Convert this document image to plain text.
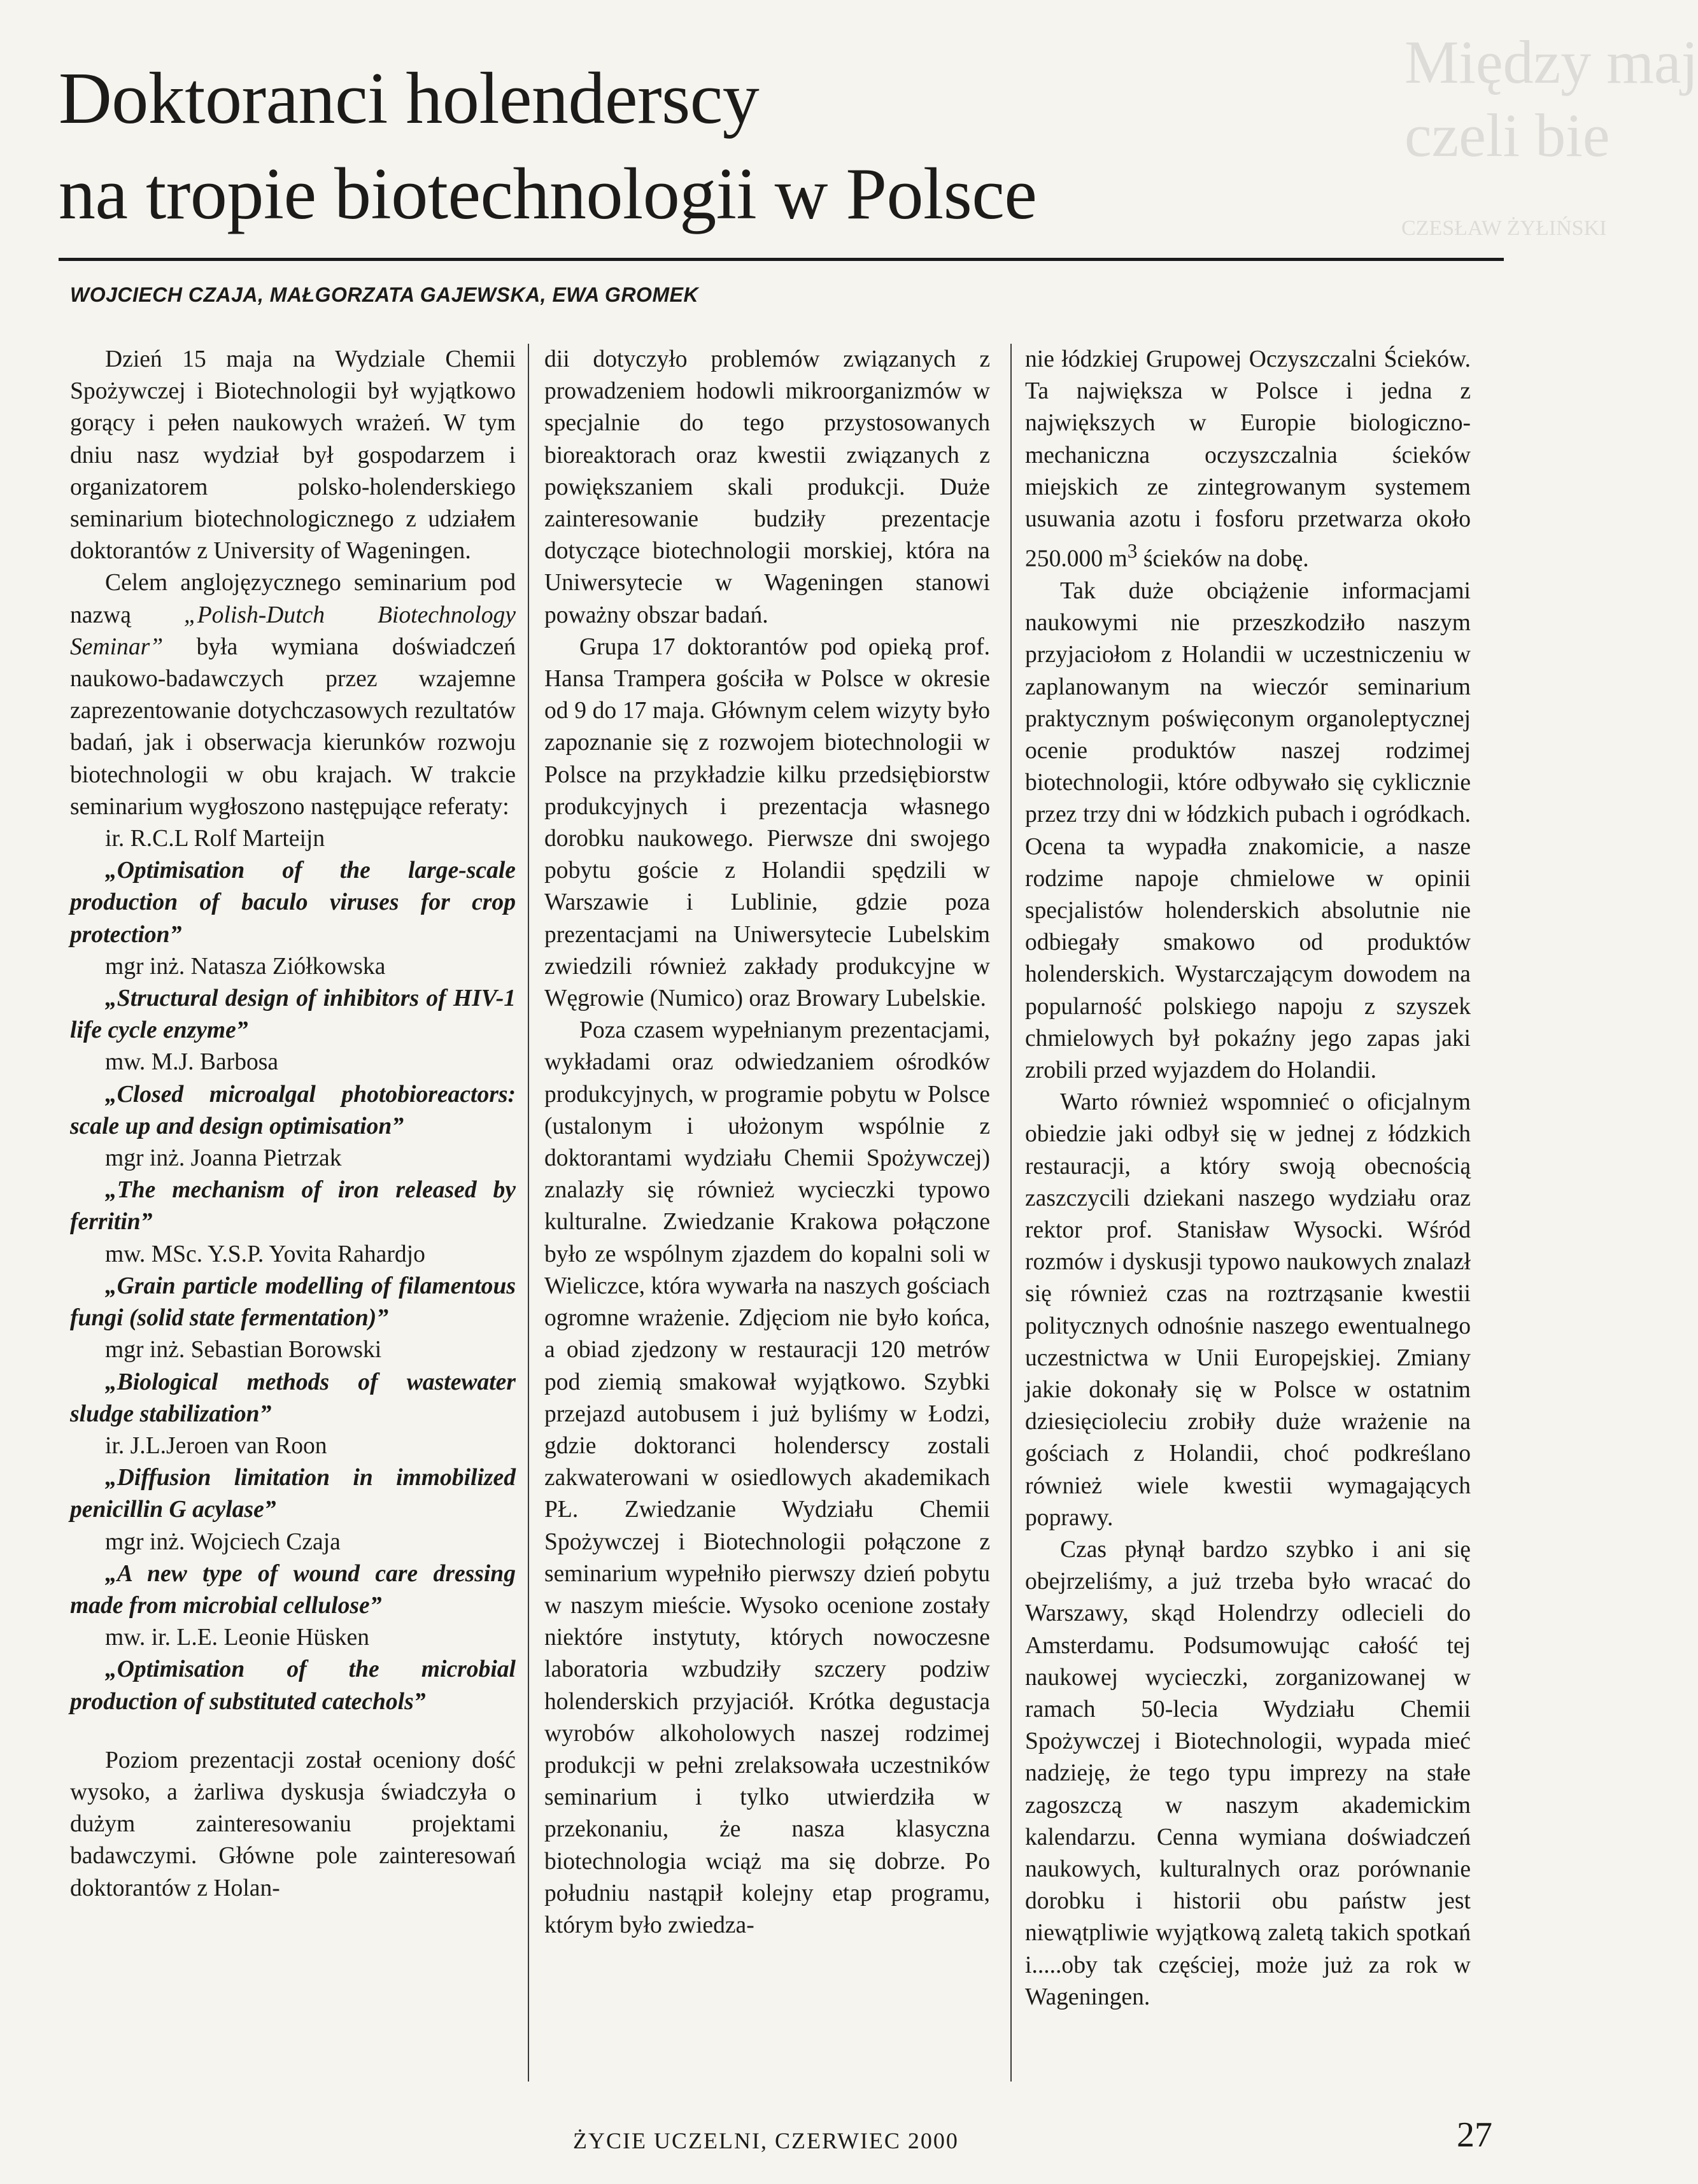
Między maj
czeli bie
CZESŁAW ŻYŁIŃSKI
Doktoranci holenderscy
na tropie biotechnologii w Polsce
WOJCIECH CZAJA, MAŁGORZATA GAJEWSKA, EWA GROMEK

Dzień 15 maja na Wydziale Chemii Spożywczej i Biotechnologii był wyjątkowo gorący i pełen naukowych wrażeń. W tym dniu nasz wydział był gospodarzem i organizatorem polsko-holenderskiego seminarium biotechnologicznego z udziałem doktorantów z University of Wageningen.

Celem anglojęzycznego seminarium pod nazwą „Polish-Dutch Biotechnology Seminar” była wymiana doświadczeń naukowo-badawczych przez wzajemne zaprezentowanie dotychczasowych rezultatów badań, jak i obserwacja kierunków rozwoju biotechnologii w obu krajach. W trakcie seminarium wygłoszono następujące referaty:

ir. R.C.L Rolf Marteijn

„Optimisation of the large-scale production of baculo viruses for crop protection”

mgr inż. Natasza Ziółkowska

„Structural design of inhibitors of HIV-1 life cycle enzyme”

mw. M.J. Barbosa

„Closed microalgal photobioreactors: scale up and design optimisation”

mgr inż. Joanna Pietrzak

„The mechanism of iron released by ferritin”

mw. MSc. Y.S.P. Yovita Rahardjo

„Grain particle modelling of filamentous fungi (solid state fermentation)”

mgr inż. Sebastian Borowski

„Biological methods of wastewater sludge stabilization”

ir. J.L.Jeroen van Roon

„Diffusion limitation in immobilized penicillin G acylase”

mgr inż. Wojciech Czaja

„A new type of wound care dressing made from microbial cellulose”

mw. ir. L.E. Leonie Hüsken

„Optimisation of the microbial production of substituted catechols”

Poziom prezentacji został oceniony dość wysoko, a żarliwa dyskusja świadczyła o dużym zainteresowaniu projektami badawczymi. Główne pole zainteresowań doktorantów z Holan-

dii dotyczyło problemów związanych z prowadzeniem hodowli mikroorganizmów w specjalnie do tego przystosowanych bioreaktorach oraz kwestii związanych z powiększaniem skali produkcji. Duże zainteresowanie budziły prezentacje dotyczące biotechnologii morskiej, która na Uniwersytecie w Wageningen stanowi poważny obszar badań.

Grupa 17 doktorantów pod opieką prof. Hansa Trampera gościła w Polsce w okresie od 9 do 17 maja. Głównym celem wizyty było zapoznanie się z rozwojem biotechnologii w Polsce na przykładzie kilku przedsiębiorstw produkcyjnych i prezentacja własnego dorobku naukowego. Pierwsze dni swojego pobytu goście z Holandii spędzili w Warszawie i Lublinie, gdzie poza prezentacjami na Uniwersytecie Lubelskim zwiedzili również zakłady produkcyjne w Węgrowie (Numico) oraz Browary Lubelskie.

Poza czasem wypełnianym prezentacjami, wykładami oraz odwiedzaniem ośrodków produkcyjnych, w programie pobytu w Polsce (ustalonym i ułożonym wspólnie z doktorantami wydziału Chemii Spożywczej) znalazły się również wycieczki typowo kulturalne. Zwiedzanie Krakowa połączone było ze wspólnym zjazdem do kopalni soli w Wieliczce, która wywarła na naszych gościach ogromne wrażenie. Zdjęciom nie było końca, a obiad zjedzony w restauracji 120 metrów pod ziemią smakował wyjątkowo. Szybki przejazd autobusem i już byliśmy w Łodzi, gdzie doktoranci holenderscy zostali zakwaterowani w osiedlowych akademikach PŁ. Zwiedzanie Wydziału Chemii Spożywczej i Biotechnologii połączone z seminarium wypełniło pierwszy dzień pobytu w naszym mieście. Wysoko ocenione zostały niektóre instytuty, których nowoczesne laboratoria wzbudziły szczery podziw holenderskich przyjaciół. Krótka degustacja wyrobów alkoholowych naszej rodzimej produkcji w pełni zrelaksowała uczestników seminarium i tylko utwierdziła w przekonaniu, że nasza klasyczna biotechnologia wciąż ma się dobrze. Po południu nastąpił kolejny etap programu, którym było zwiedza-

nie łódzkiej Grupowej Oczyszczalni Ścieków. Ta największa w Polsce i jedna z największych w Europie biologiczno-mechaniczna oczyszczalnia ścieków miejskich ze zintegrowanym systemem usuwania azotu i fosforu przetwarza około 250.000 $m^3$ ścieków na dobę.

Tak duże obciążenie informacjami naukowymi nie przeszkodziło naszym przyjaciołom z Holandii w uczestniczeniu w zaplanowanym na wieczór seminarium praktycznym poświęconym organoleptycznej ocenie produktów naszej rodzimej biotechnologii, które odbywało się cyklicznie przez trzy dni w łódzkich pubach i ogródkach. Ocena ta wypadła znakomicie, a nasze rodzime napoje chmielowe w opinii specjalistów holenderskich absolutnie nie odbiegały smakowo od produktów holenderskich. Wystarczającym dowodem na popularność polskiego napoju z szyszek chmielowych był pokaźny jego zapas jaki zrobili przed wyjazdem do Holandii.

Warto również wspomnieć o oficjalnym obiedzie jaki odbył się w jednej z łódzkich restauracji, a który swoją obecnością zaszczycili dziekani naszego wydziału oraz rektor prof. Stanisław Wysocki. Wśród rozmów i dyskusji typowo naukowych znalazł się również czas na roztrząsanie kwestii politycznych odnośnie naszego ewentualnego uczestnictwa w Unii Europejskiej. Zmiany jakie dokonały się w Polsce w ostatnim dziesięcioleciu zrobiły duże wrażenie na gościach z Holandii, choć podkreślano również wiele kwestii wymagających poprawy.

Czas płynął bardzo szybko i ani się obejrzeliśmy, a już trzeba było wracać do Warszawy, skąd Holendrzy odlecieli do Amsterdamu. Podsumowując całość tej naukowej wycieczki, zorganizowanej w ramach 50-lecia Wydziału Chemii Spożywczej i Biotechnologii, wypada mieć nadzieję, że tego typu imprezy na stałe zagoszczą w naszym akademickim kalendarzu. Cenna wymiana doświadczeń naukowych, kulturalnych oraz porównanie dorobku i historii obu państw jest niewątpliwie wyjątkową zaletą takich spotkań i.....oby tak częściej, może już za rok w Wageningen.

ŻYCIE UCZELNI, CZERWIEC 2000	27
